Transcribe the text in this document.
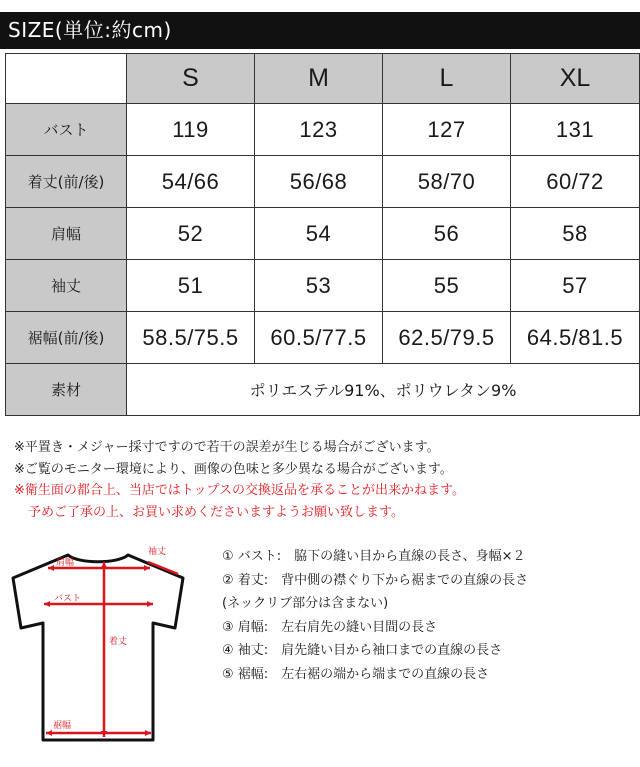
SIZE(単位:約cm)
	S	M	L	XL
バスト	119	123	127	131
着丈(前/後)	54/66	56/68	58/70	60/72
肩幅	52	54	56	58
袖丈	51	53	55	57
裾幅(前/後)	58.5/75.5	60.5/77.5	62.5/79.5	64.5/81.5
素材	ポリエステル91%、ポリウレタン9%			
※平置き・メジャー採寸ですので若干の誤差が生じる場合がございます。
※ご覧のモニター環境により、画像の色味と多少異なる場合がございます。
※衛生面の都合上、当店ではトップスの交換返品を承ることが出来かねます。
予めご了承の上、お買い求めくださいますようお願い致します。
袖丈
肩幅
バスト
着丈
裾幅
① バスト:　脇下の縫い目から直線の長さ、身幅×２
② 着丈:　背中側の襟ぐり下から裾までの直線の長さ
(ネックリブ部分は含まない)
③ 肩幅:　左右肩先の縫い目間の長さ
④ 袖丈:　肩先縫い目から袖口までの直線の長さ
⑤ 裾幅:　左右裾の端から端までの直線の長さ
